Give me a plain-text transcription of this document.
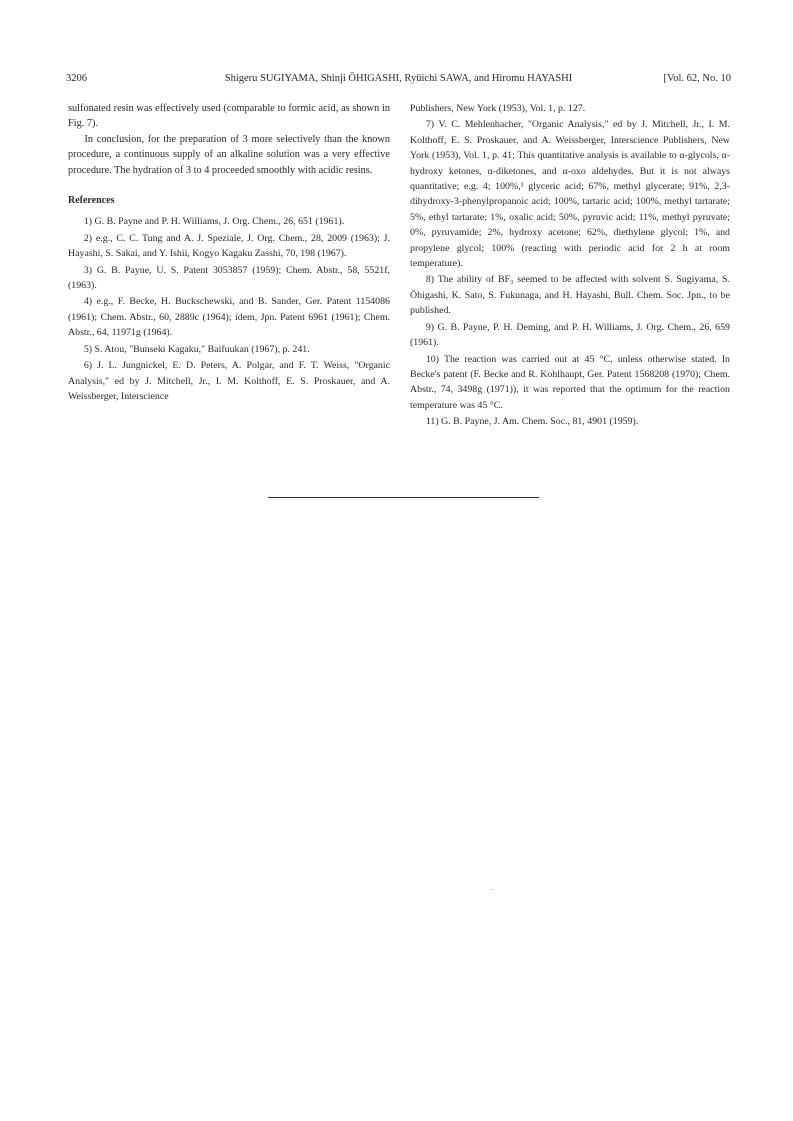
3206	Shigeru SUGIYAMA, Shinji ŌHIGASHI, Ryūichi SAWA, and Hiromu HAYASHI	[Vol. 62, No. 10

sulfonated resin was effectively used (comparable to formic acid, as shown in Fig. 7).

In conclusion, for the preparation of 3 more selectively than the known procedure, a continuous supply of an alkaline solution was a very effective procedure. The hydration of 3 to 4 proceeded smoothly with acidic resins.

References

1) G. B. Payne and P. H. Williams, J. Org. Chem., 26, 651 (1961).

2) e.g., C. C. Tung and A. J. Speziale, J. Org. Chem., 28, 2009 (1963); J. Hayashi, S. Sakai, and Y. Ishii, Kogyo Kagaku Zasshi, 70, 198 (1967).

3) G. B. Payne, U. S. Patent 3053857 (1959); Chem. Abstr., 58, 5521f, (1963).

4) e.g., F. Becke, H. Buckschewski, and B. Sander, Ger. Patent 1154086 (1961); Chem. Abstr., 60, 2889c (1964); idem, Jpn. Patent 6961 (1961); Chem. Abstr., 64, 11971g (1964).

5) S. Atou, "Bunseki Kagaku," Baifuukan (1967), p. 241.

6) J. L. Jungnickel, E. D. Peters, A. Polgar, and F. T. Weiss, "Organic Analysis," ed by J. Mitchell, Jr., I. M. Kolthoff, E. S. Proskauer, and A. Weissberger, Interscience

Publishers, New York (1953), Vol. 1, p. 127.

7) V. C. Mehlenbacher, "Organic Analysis," ed by J. Mitchell, Jr., I. M. Kolthoff, E. S. Proskauer, and A. Weissberger, Interscience Publishers, New York (1953), Vol. 1, p. 41; This quantitative analysis is available to α-glycols, α-hydroxy ketones, α-diketones, and α-oxo aldehydes. But it is not always quantitative; e.g. 4; 100%,¹ glyceric acid; 67%, methyl glycerate; 91%, 2,3-dihydroxy-3-phenylpropanoic acid; 100%, tartaric acid; 100%, methyl tartarate; 5%, ethyl tartarate; 1%, oxalic acid; 50%, pyruvic acid; 11%, methyl pyruvate; 0%, pyruvamide; 2%, hydroxy acetone; 62%, diethylene glycol; 1%, and propylene glycol; 100% (reacting with periodic acid for 2 h at room temperature).

8) The ability of BF₃ seemed to be affected with solvent S. Sugiyama, S. Ōhigashi, K. Sato, S. Fukunaga, and H. Hayashi, Bull. Chem. Soc. Jpn., to be published.

9) G. B. Payne, P. H. Deming, and P. H. Williams, J. Org. Chem., 26, 659 (1961).

10) The reaction was carried out at 45 °C, unless otherwise stated. In Becke's patent (F. Becke and R. Kohlhaupt, Ger. Patent 1568208 (1970); Chem. Abstr., 74, 3498g (1971)), it was reported that the optimum for the reaction temperature was 45 °C.

11) G. B. Payne, J. Am. Chem. Soc., 81, 4901 (1959).
